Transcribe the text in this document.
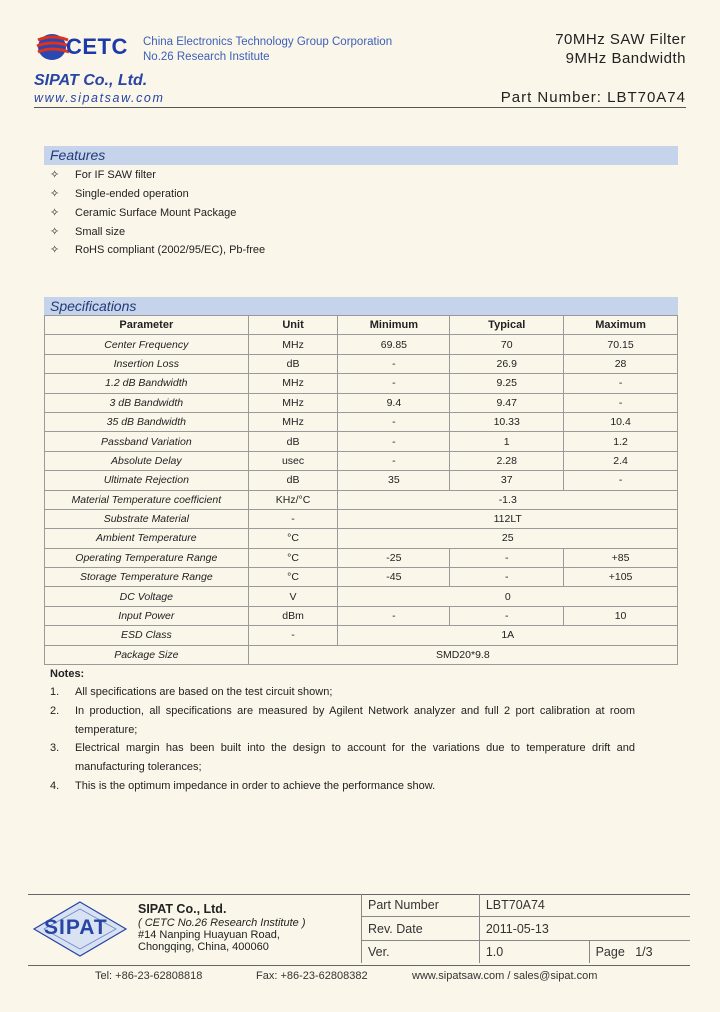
CETC China Electronics Technology Group Corporation
No.26 Research Institute
70MHz SAW Filter
9MHz Bandwidth
SIPAT Co., Ltd.
www.sipatsaw.com	Part Number: LBT70A74
Features
✧ For IF SAW filter
✧ Single-ended operation
✧ Ceramic Surface Mount Package
✧ Small size
✧ RoHS compliant (2002/95/EC), Pb-free
Specifications
Parameter	Unit	Minimum	Typical	Maximum
Center Frequency	MHz	69.85	70	70.15
Insertion Loss	dB	-	26.9	28
1.2 dB Bandwidth	MHz	-	9.25	-
3 dB Bandwidth	MHz	9.4	9.47	-
35 dB Bandwidth	MHz	-	10.33	10.4
Passband Variation	dB	-	1	1.2
Absolute Delay	usec	-	2.28	2.4
Ultimate Rejection	dB	35	37	-
Material Temperature coefficient	KHz/°C	-1.3		
Substrate Material	-	112LT		
Ambient Temperature	°C	25		
Operating Temperature Range	°C	-25	-	+85
Storage Temperature Range	°C	-45	-	+105
DC Voltage	V	0		
Input Power	dBm	-	-	10
ESD Class	-	1A		
Package Size	SMD20*9.8			
Notes:
1. All specifications are based on the test circuit shown;
2. In production, all specifications are measured by Agilent Network analyzer and full 2 port calibration at room
temperature;
3. Electrical margin has been built into the design to account for the variations due to temperature drift and
manufacturing tolerances;
4. This is the optimum impedance in order to achieve the performance show.
SIPAT
SIPAT Co., Ltd.
( CETC No.26 Research Institute )
#14 Nanping Huayuan Road,
Chongqing, China, 400060
Part Number	LBT70A74	
Rev. Date	2011-05-13	
Ver.	1.0	Page 1/3
Tel: +86-23-62808818	Fax: +86-23-62808382	www.sipatsaw.com / sales@sipat.com
